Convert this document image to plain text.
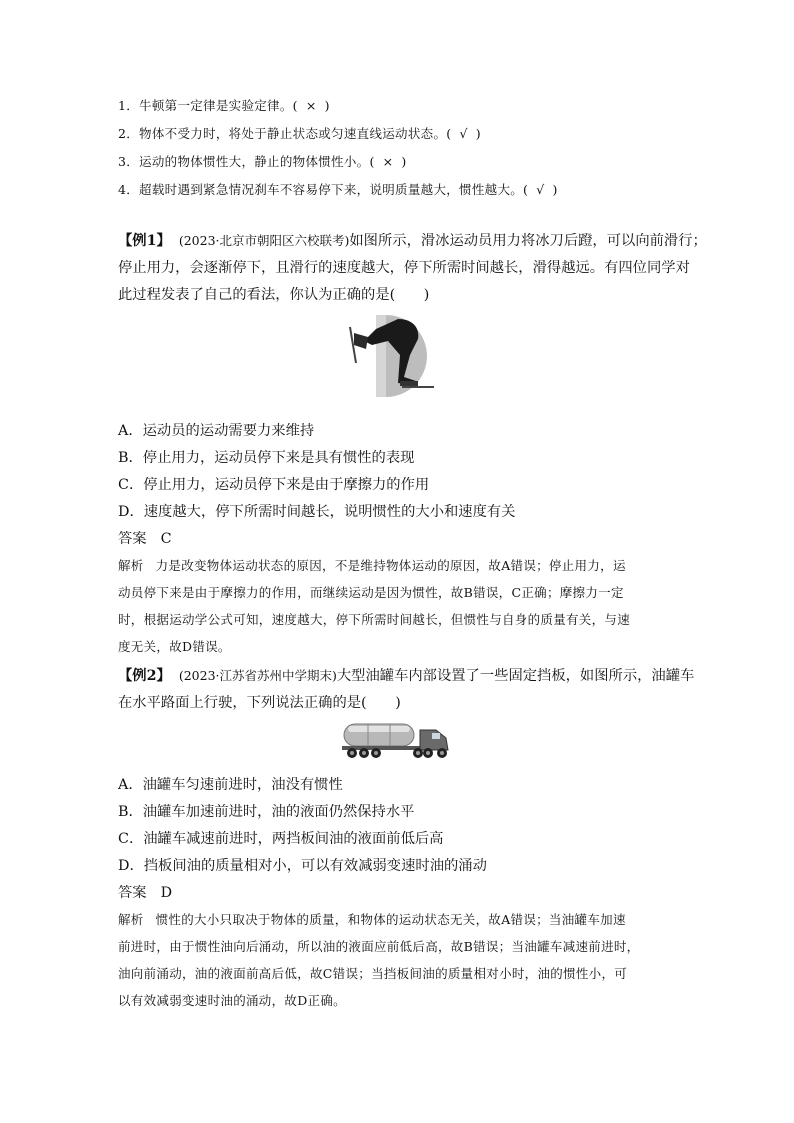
1．牛顿第一定律是实验定律。( × )
2．物体不受力时，将处于静止状态或匀速直线运动状态。( √ )
3．运动的物体惯性大，静止的物体惯性小。( × )
4．超载时遇到紧急情况刹车不容易停下来，说明质量越大，惯性越大。( √ )
【例1】 (2023·北京市朝阳区六校联考)如图所示，滑冰运动员用力将冰刀后蹬，可以向前滑行；
停止用力，会逐渐停下，且滑行的速度越大，停下所需时间越长，滑得越远。有四位同学对
此过程发表了自己的看法，你认为正确的是(　　)
A．运动员的运动需要力来维持
B．停止用力，运动员停下来是具有惯性的表现
C．停止用力，运动员停下来是由于摩擦力的作用
D．速度越大，停下所需时间越长，说明惯性的大小和速度有关
答案 C
解析 力是改变物体运动状态的原因，不是维持物体运动的原因，故A错误；停止用力，运
动员停下来是由于摩擦力的作用，而继续运动是因为惯性，故B错误，C正确；摩擦力一定
时，根据运动学公式可知，速度越大，停下所需时间越长，但惯性与自身的质量有关，与速
度无关，故D错误。
【例2】 (2023·江苏省苏州中学期末)大型油罐车内部设置了一些固定挡板，如图所示，油罐车
在水平路面上行驶，下列说法正确的是(　　)
A．油罐车匀速前进时，油没有惯性
B．油罐车加速前进时，油的液面仍然保持水平
C．油罐车减速前进时，两挡板间油的液面前低后高
D．挡板间油的质量相对小，可以有效减弱变速时油的涌动
答案 D
解析 惯性的大小只取决于物体的质量，和物体的运动状态无关，故A错误；当油罐车加速
前进时，由于惯性油向后涌动，所以油的液面应前低后高，故B错误；当油罐车减速前进时，
油向前涌动，油的液面前高后低，故C错误；当挡板间油的质量相对小时，油的惯性小，可
以有效减弱变速时油的涌动，故D正确。
